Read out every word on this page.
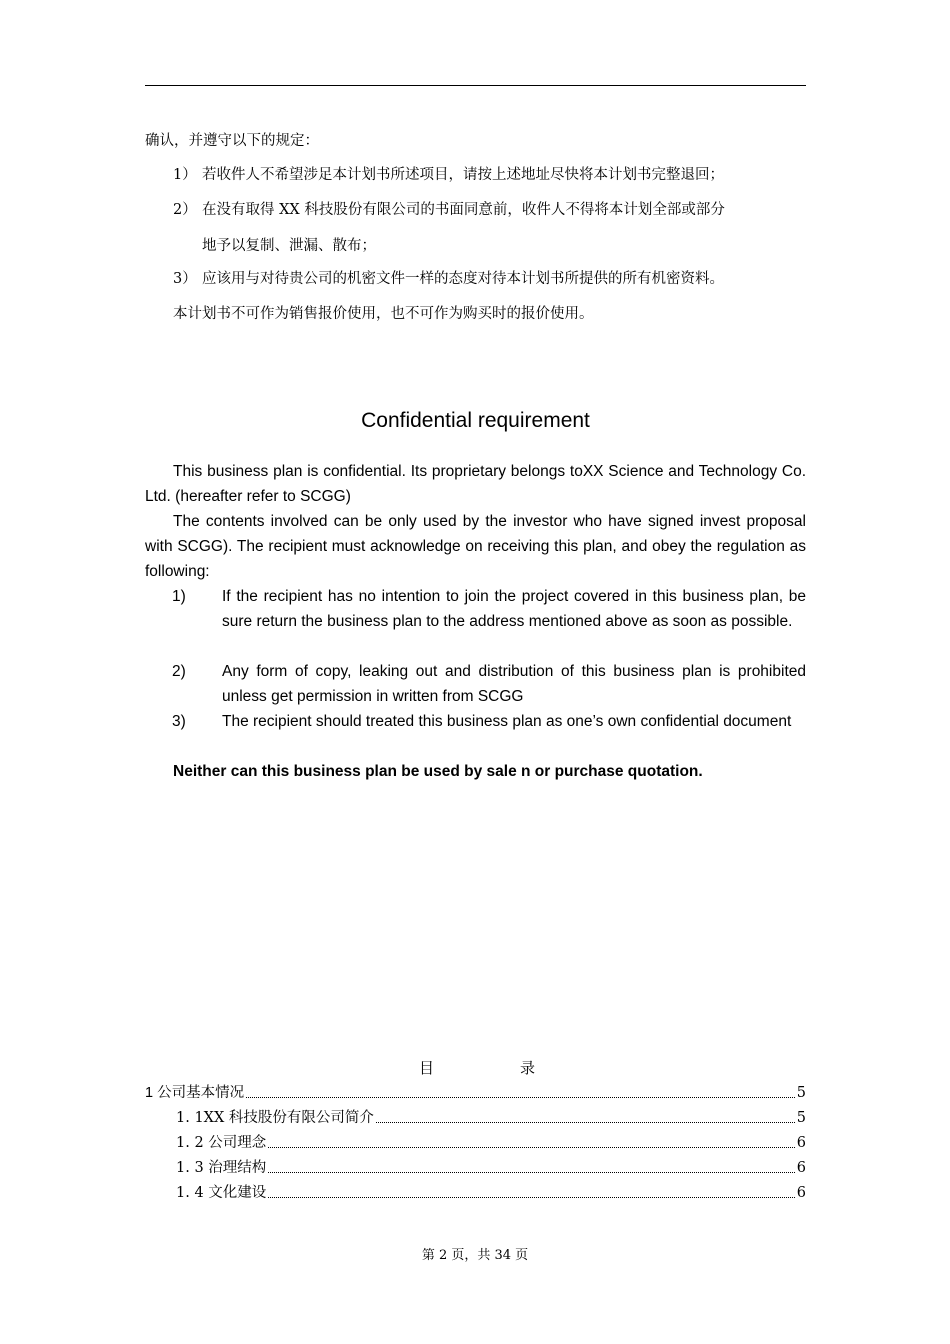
确认，并遵守以下的规定：
1） 若收件人不希望涉足本计划书所述项目，请按上述地址尽快将本计划书完整退回；
2） 在没有取得 XX 科技股份有限公司的书面同意前，收件人不得将本计划全部或部分
地予以复制、泄漏、散布；
3） 应该用与对待贵公司的机密文件一样的态度对待本计划书所提供的所有机密资料。
本计划书不可作为销售报价使用，也不可作为购买时的报价使用。
Confidential requirement
This business plan is confidential. Its proprietary belongs toXX Science and Technology Co. Ltd. (hereafter refer to SCGG)
The contents involved can be only used by the investor who have signed invest proposal with SCGG). The recipient must acknowledge on receiving this plan, and obey the regulation as following:
1)	If the recipient has no intention to join the project covered in this business plan, be sure return the business plan to the address mentioned above as soon as possible.
2)	Any form of copy, leaking out and distribution of this business plan is prohibited unless get permission in written from SCGG
3)	The recipient should treated this business plan as one’s own confidential document
Neither can this business plan be used by sale n or purchase quotation.
目	录
1 公司基本情况	5
1. 1XX 科技股份有限公司简介	5
1. 2 公司理念	6
1. 3 治理结构	6
1. 4 文化建设	6
第 2 页，共 34 页
